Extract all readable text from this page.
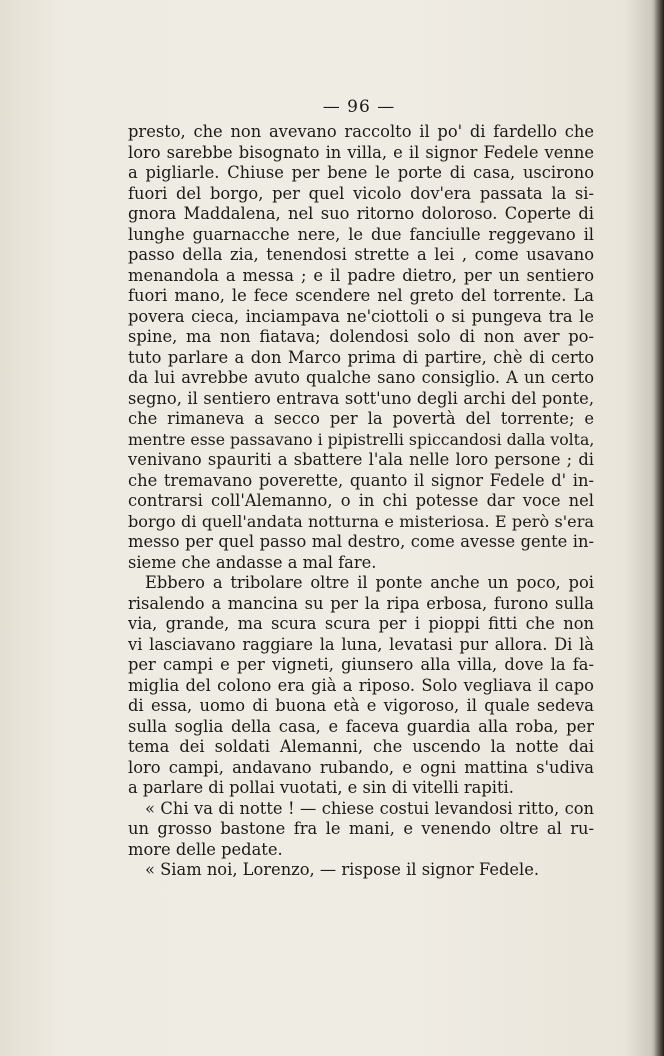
— 96 —
presto, che non avevano raccolto il po' di fardello che
loro sarebbe bisognato in villa, e il signor Fedele venne
a pigliarle. Chiuse per bene le porte di casa, uscirono
fuori del borgo, per quel vicolo dov'era passata la si-
gnora Maddalena, nel suo ritorno doloroso. Coperte di
lunghe guarnacche nere, le due fanciulle reggevano il
passo della zia, tenendosi strette a lei , come usavano
menandola a messa ; e il padre dietro, per un sentiero
fuori mano, le fece scendere nel greto del torrente. La
povera cieca, inciampava ne'ciottoli o si pungeva tra le
spine, ma non fiatava; dolendosi solo di non aver po-
tuto parlare a don Marco prima di partire, chè di certo
da lui avrebbe avuto qualche sano consiglio. A un certo
segno, il sentiero entrava sott'uno degli archi del ponte,
che rimaneva a secco per la povertà del torrente; e
mentre esse passavano i pipistrelli spiccandosi dalla volta,
venivano spauriti a sbattere l'ala nelle loro persone ; di
che tremavano poverette, quanto il signor Fedele d' in-
contrarsi coll'Alemanno, o in chi potesse dar voce nel
borgo di quell'andata notturna e misteriosa. E però s'era
messo per quel passo mal destro, come avesse gente in-
sieme che andasse a mal fare.
Ebbero a tribolare oltre il ponte anche un poco, poi
risalendo a mancina su per la ripa erbosa, furono sulla
via, grande, ma scura scura per i pioppi fitti che non
vi lasciavano raggiare la luna, levatasi pur allora. Di là
per campi e per vigneti, giunsero alla villa, dove la fa-
miglia del colono era già a riposo. Solo vegliava il capo
di essa, uomo di buona età e vigoroso, il quale sedeva
sulla soglia della casa, e faceva guardia alla roba, per
tema dei soldati Alemanni, che uscendo la notte dai
loro campi, andavano rubando, e ogni mattina s'udiva
a parlare di pollai vuotati, e sin di vitelli rapiti.
« Chi va di notte ! — chiese costui levandosi ritto, con
un grosso bastone fra le mani, e venendo oltre al ru-
more delle pedate.
« Siam noi, Lorenzo, — rispose il signor Fedele.
